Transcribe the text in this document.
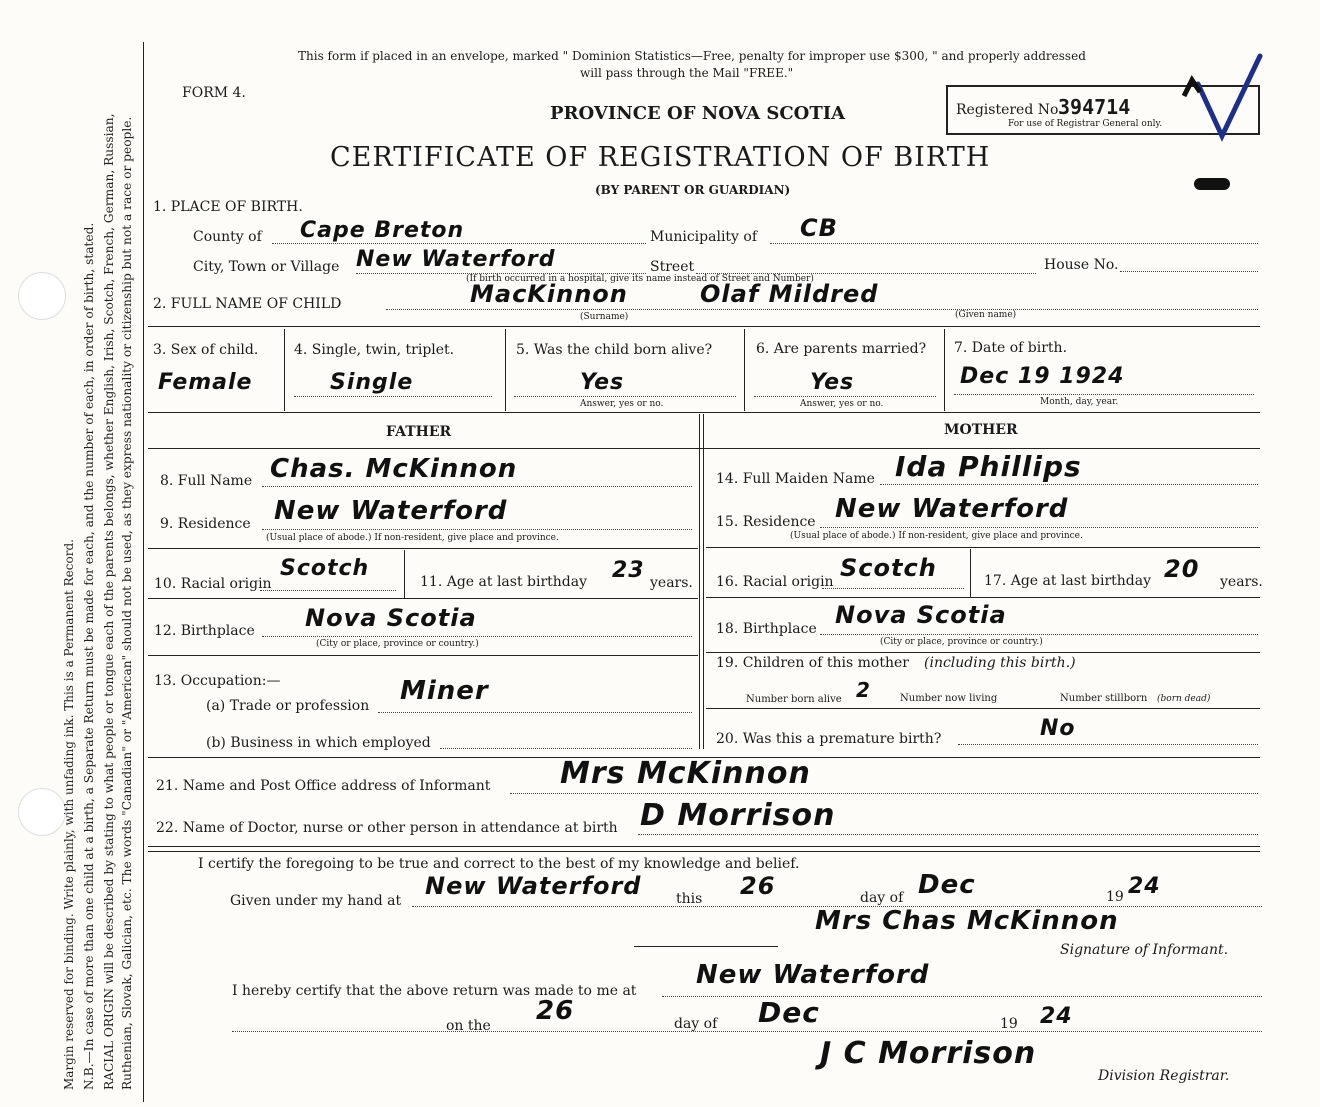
Margin reserved for binding. Write plainly, with unfading ink. This is a Permanent Record. N.B.—In case of more than one child at a birth, a Separate Return must be made for each, and the number of each, in order of birth, stated. RACIAL ORIGIN will be described by stating to what people or tongue each of the parents belongs, whether English, Irish, Scotch, French, German, Russian, Ruthenian, Slovak, Galician, etc. The words "Canadian" or "American" should not be used, as they express nationality or citizenship but not a race or people.
This form if placed in an envelope, marked " Dominion Statistics—Free, penalty for improper use $300, " and properly addressed
will pass through the Mail "FREE."
FORM 4.
PROVINCE OF NOVA SCOTIA
CERTIFICATE OF REGISTRATION OF BIRTH
(BY PARENT OR GUARDIAN)
Registered No.
394714
For use of Registrar General only.
1. PLACE OF BIRTH.
County of Cape Breton	Municipality of CB
City, Town or Village New Waterford	Street	House No.
(If birth occurred in a hospital, give its name instead of Street and Number)
2. FULL NAME OF CHILD	MacKinnon	Olaf Mildred
(Surname)	(Given name)
3. Sex of child.
Female
4. Single, twin, triplet.
Single
5. Was the child born alive?
Yes
Answer, yes or no.
6. Are parents married?
Yes
Answer, yes or no.
7. Date of birth.
Dec 19 1924
Month, day, year.
FATHER	MOTHER
8. Full Name Chas. McKinnon
9. Residence New Waterford
(Usual place of abode.) If non-resident, give place and province.
10. Racial origin
Scotch
11. Age at last birthday 23 years.
12. Birthplace Nova Scotia
(City or place, province or country.)
13. Occupation:—
(a) Trade or profession Miner
(b) Business in which employed
14. Full Maiden Name Ida Phillips
15. Residence New Waterford
(Usual place of abode.) If non-resident, give place and province.
16. Racial origin Scotch	17. Age at last birthday 20 years.
18. Birthplace Nova Scotia
(City or place, province or country.)
19. Children of this mother (including this birth.)
Number born alive 2	Number now living	Number stillborn (born dead)
20. Was this a premature birth?	No
21. Name and Post Office address of Informant Mrs McKinnon
22. Name of Doctor, nurse or other person in attendance at birth D Morrison
I certify the foregoing to be true and correct to the best of my knowledge and belief.
Given under my hand at
New Waterford this 26	day of Dec	19 24
Mrs Chas McKinnon
Signature of Informant.
I hereby certify that the above return was made to me at
New Waterford
on the 26	day of Dec	19 24
J C Morrison
Division Registrar.
